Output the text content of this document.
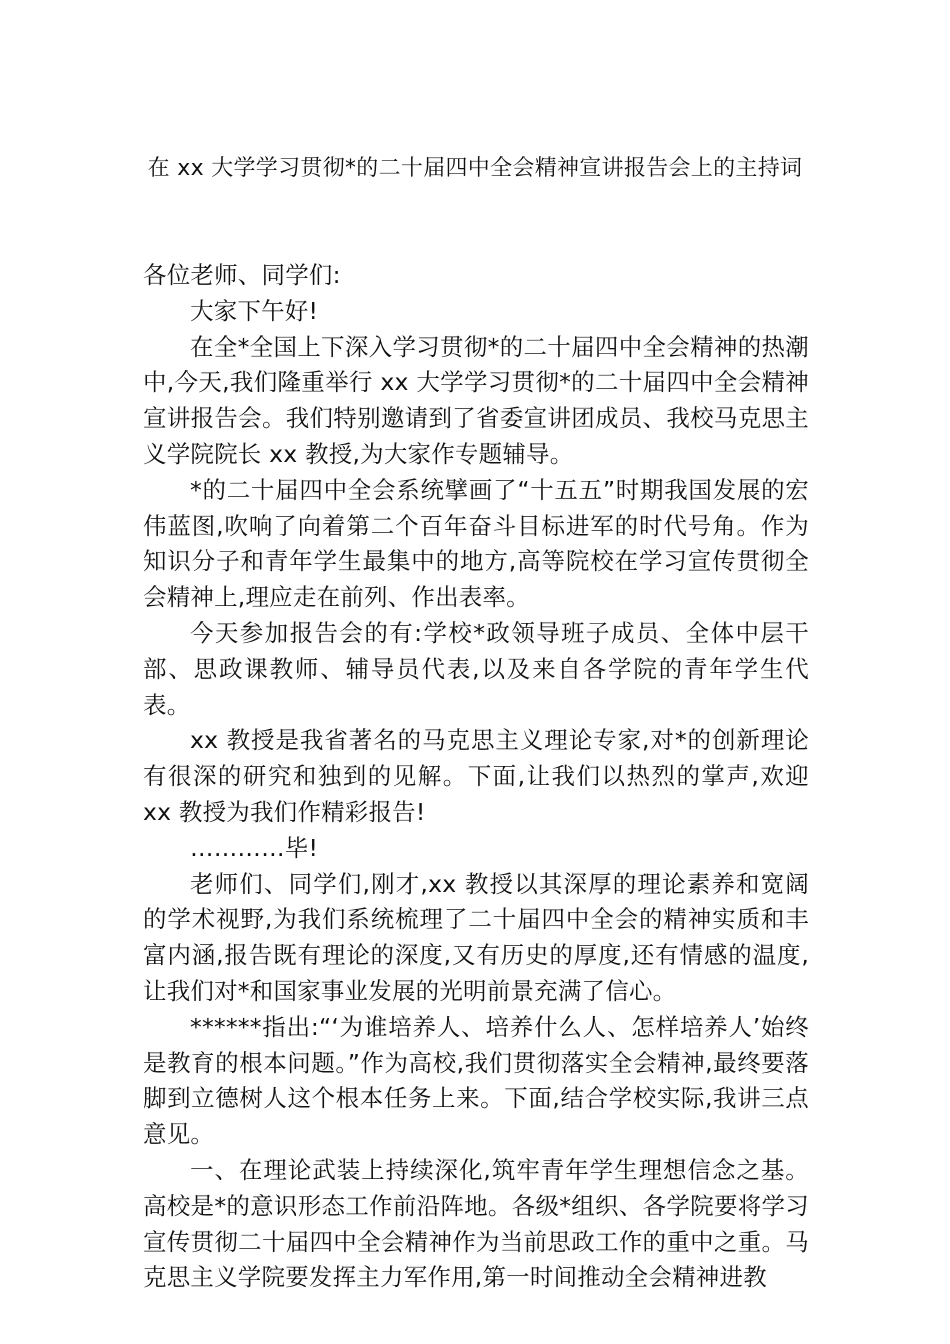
在 xx 大学学习贯彻*的二十届四中全会精神宣讲报告会上的主持词

各位老师、同学们:

大家下午好!

在全*全国上下深入学习贯彻*的二十届四中全会精神的热潮中,今天,我们隆重举行 xx 大学学习贯彻*的二十届四中全会精神宣讲报告会。我们特别邀请到了省委宣讲团成员、我校马克思主义学院院长 xx 教授,为大家作专题辅导。

*的二十届四中全会系统擘画了“十五五”时期我国发展的宏伟蓝图,吹响了向着第二个百年奋斗目标进军的时代号角。作为知识分子和青年学生最集中的地方,高等院校在学习宣传贯彻全会精神上,理应走在前列、作出表率。

今天参加报告会的有:学校*政领导班子成员、全体中层干部、思政课教师、辅导员代表,以及来自各学院的青年学生代表。

xx 教授是我省著名的马克思主义理论专家,对*的创新理论有很深的研究和独到的见解。下面,让我们以热烈的掌声,欢迎 xx 教授为我们作精彩报告!

…………毕!

老师们、同学们,刚才,xx 教授以其深厚的理论素养和宽阔的学术视野,为我们系统梳理了二十届四中全会的精神实质和丰富内涵,报告既有理论的深度,又有历史的厚度,还有情感的温度,让我们对*和国家事业发展的光明前景充满了信心。

******指出:“‘为谁培养人、培养什么人、怎样培养人’始终是教育的根本问题。”作为高校,我们贯彻落实全会精神,最终要落脚到立德树人这个根本任务上来。下面,结合学校实际,我讲三点意见。

一、在理论武装上持续深化,筑牢青年学生理想信念之基。高校是*的意识形态工作前沿阵地。各级*组织、各学院要将学习宣传贯彻二十届四中全会精神作为当前思政工作的重中之重。马克思主义学院要发挥主力军作用,第一时间推动全会精神进教
